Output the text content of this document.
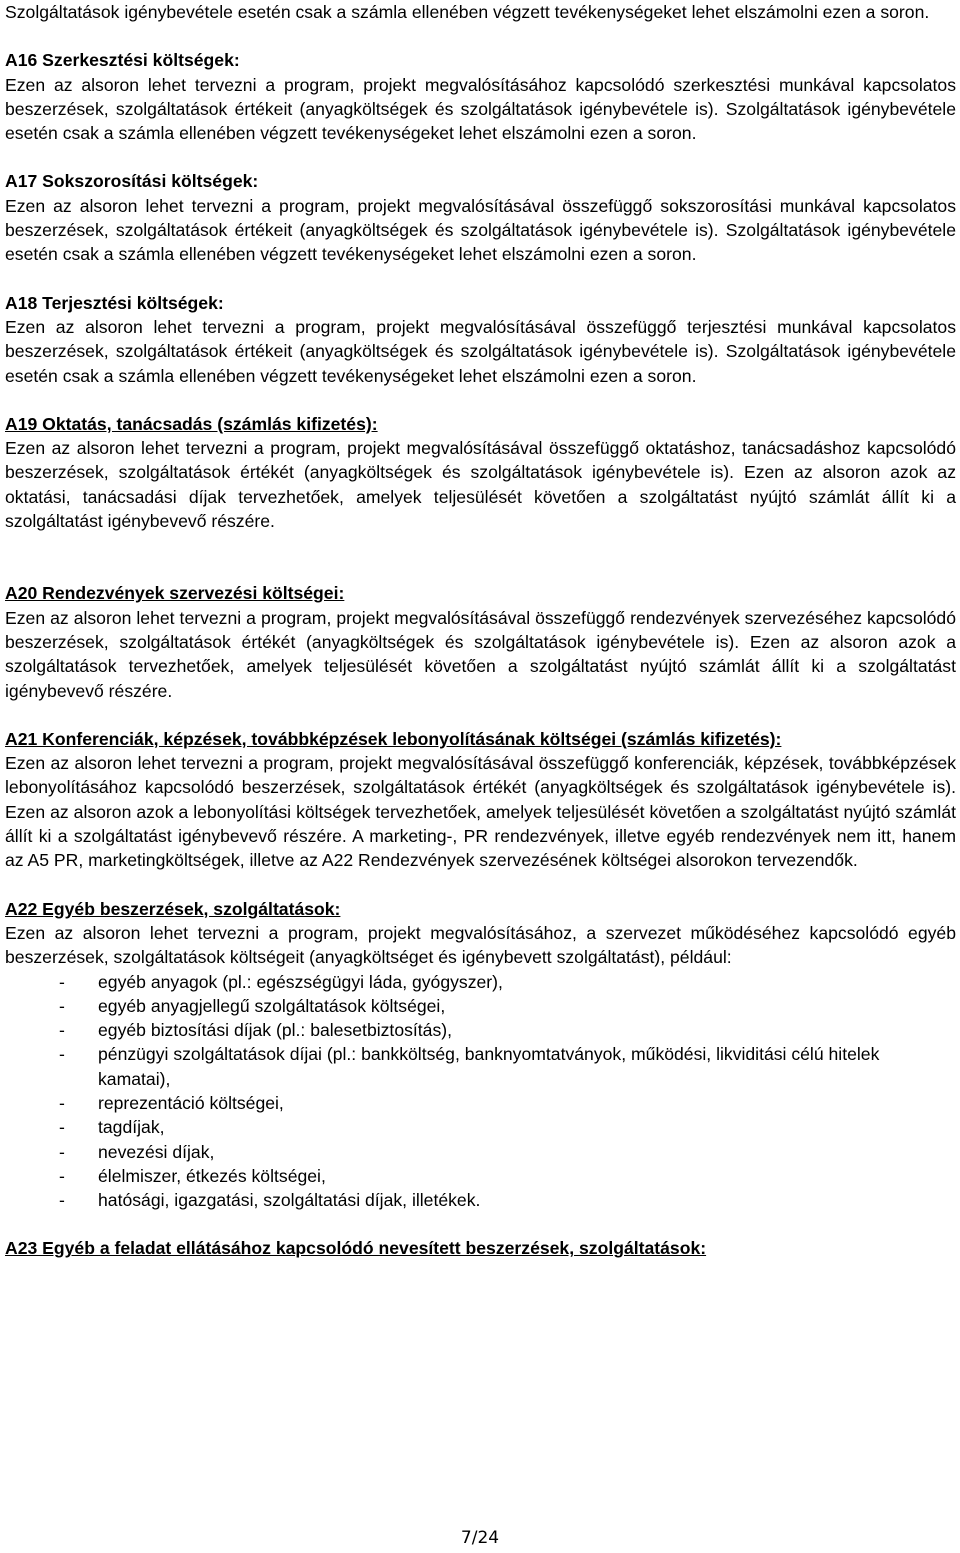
Szolgáltatások igénybevétele esetén csak a számla ellenében végzett tevékenységeket lehet elszámolni ezen a soron.

A16 Szerkesztési költségek:

Ezen az alsoron lehet tervezni a program, projekt megvalósításához kapcsolódó szerkesztési munkával kapcsolatos beszerzések, szolgáltatások értékeit (anyagköltségek és szolgáltatások igénybevétele is). Szolgáltatások igénybevétele esetén csak a számla ellenében végzett tevékenységeket lehet elszámolni ezen a soron.

A17 Sokszorosítási költségek:

Ezen az alsoron lehet tervezni a program, projekt megvalósításával összefüggő sokszorosítási munkával kapcsolatos beszerzések, szolgáltatások értékeit (anyagköltségek és szolgáltatások igénybevétele is). Szolgáltatások igénybevétele esetén csak a számla ellenében végzett tevékenységeket lehet elszámolni ezen a soron.

A18 Terjesztési költségek:

Ezen az alsoron lehet tervezni a program, projekt megvalósításával összefüggő terjesztési munkával kapcsolatos beszerzések, szolgáltatások értékeit (anyagköltségek és szolgáltatások igénybevétele is). Szolgáltatások igénybevétele esetén csak a számla ellenében végzett tevékenységeket lehet elszámolni ezen a soron.

A19 Oktatás, tanácsadás (számlás kifizetés):

Ezen az alsoron lehet tervezni a program, projekt megvalósításával összefüggő oktatáshoz, tanácsadáshoz kapcsolódó beszerzések, szolgáltatások értékét (anyagköltségek és szolgáltatások igénybevétele is). Ezen az alsoron azok az oktatási, tanácsadási díjak tervezhetőek, amelyek teljesülését követően a szolgáltatást nyújtó számlát állít ki a szolgáltatást igénybevevő részére.

A20 Rendezvények szervezési költségei:

Ezen az alsoron lehet tervezni a program, projekt megvalósításával összefüggő rendezvények szervezéséhez kapcsolódó beszerzések, szolgáltatások értékét (anyagköltségek és szolgáltatások igénybevétele is). Ezen az alsoron azok a szolgáltatások tervezhetőek, amelyek teljesülését követően a szolgáltatást nyújtó számlát állít ki a szolgáltatást igénybevevő részére.

A21 Konferenciák, képzések, továbbképzések lebonyolításának költségei (számlás kifizetés):

Ezen az alsoron lehet tervezni a program, projekt megvalósításával összefüggő konferenciák, képzések, továbbképzések lebonyolításához kapcsolódó beszerzések, szolgáltatások értékét (anyagköltségek és szolgáltatások igénybevétele is). Ezen az alsoron azok a lebonyolítási költségek tervezhetőek, amelyek teljesülését követően a szolgáltatást nyújtó számlát állít ki a szolgáltatást igénybevevő részére. A marketing-, PR rendezvények, illetve egyéb rendezvények nem itt, hanem az A5 PR, marketingköltségek, illetve az A22 Rendezvények szervezésének költségei alsorokon tervezendők.

A22 Egyéb beszerzések, szolgáltatások:

Ezen az alsoron lehet tervezni a program, projekt megvalósításához, a szervezet működéséhez kapcsolódó egyéb beszerzések, szolgáltatások költségeit (anyagköltséget és igénybevett szolgáltatást), például:

- egyéb anyagok (pl.: egészségügyi láda, gyógyszer),
- egyéb anyagjellegű szolgáltatások költségei,
- egyéb biztosítási díjak (pl.: balesetbiztosítás),
- pénzügyi szolgáltatások díjai (pl.: bankköltség, banknyomtatványok, működési, likviditási célú hitelek kamatai),
- reprezentáció költségei,
- tagdíjak,
- nevezési díjak,
- élelmiszer, étkezés költségei,
- hatósági, igazgatási, szolgáltatási díjak, illetékek.

A23 Egyéb a feladat ellátásához kapcsolódó nevesített beszerzések, szolgáltatások:

7/24
